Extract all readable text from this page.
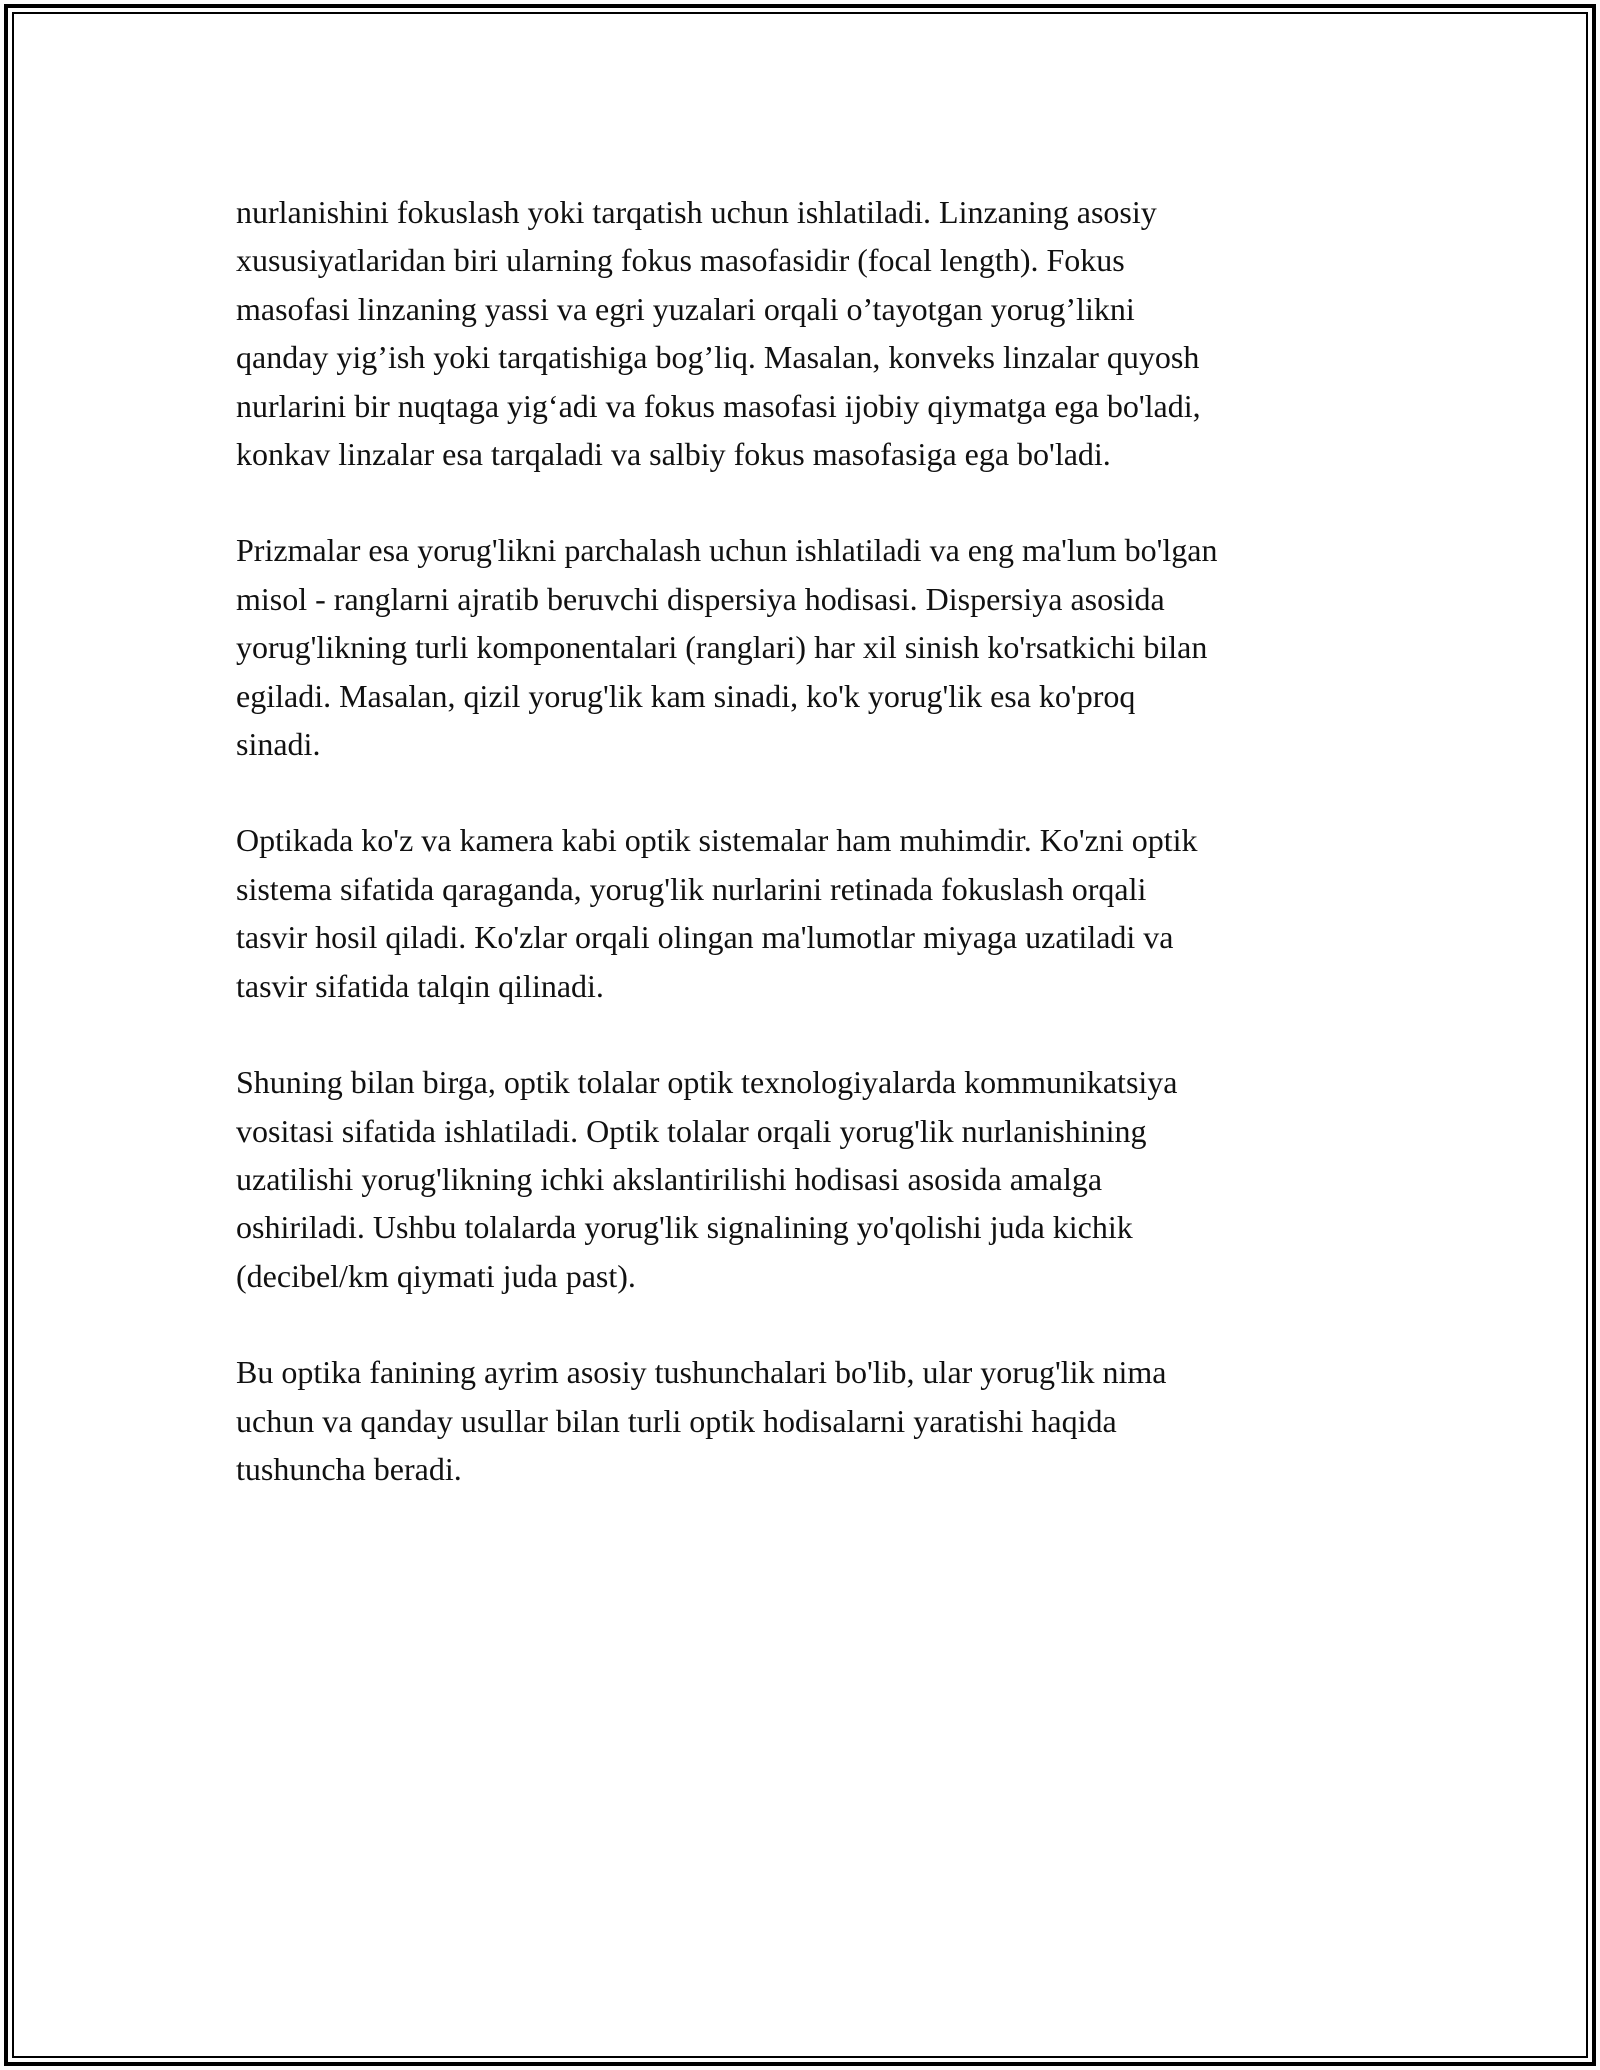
nurlanishini fokuslash yoki tarqatish uchun ishlatiladi. Linzaning asosiy
xususiyatlaridan biri ularning fokus masofasidir (focal length). Fokus
masofasi linzaning yassi va egri yuzalari orqali o’tayotgan yorug’likni
qanday yig’ish yoki tarqatishiga bog’liq. Masalan, konveks linzalar quyosh
nurlarini bir nuqtaga yig‘adi va fokus masofasi ijobiy qiymatga ega bo'ladi,
konkav linzalar esa tarqaladi va salbiy fokus masofasiga ega bo'ladi.

Prizmalar esa yorug'likni parchalash uchun ishlatiladi va eng ma'lum bo'lgan
misol - ranglarni ajratib beruvchi dispersiya hodisasi. Dispersiya asosida
yorug'likning turli komponentalari (ranglari) har xil sinish ko'rsatkichi bilan
egiladi. Masalan, qizil yorug'lik kam sinadi, ko'k yorug'lik esa ko'proq
sinadi.

Optikada ko'z va kamera kabi optik sistemalar ham muhimdir. Ko'zni optik
sistema sifatida qaraganda, yorug'lik nurlarini retinada fokuslash orqali
tasvir hosil qiladi. Ko'zlar orqali olingan ma'lumotlar miyaga uzatiladi va
tasvir sifatida talqin qilinadi.

Shuning bilan birga, optik tolalar optik texnologiyalarda kommunikatsiya
vositasi sifatida ishlatiladi. Optik tolalar orqali yorug'lik nurlanishining
uzatilishi yorug'likning ichki akslantirilishi hodisasi asosida amalga
oshiriladi. Ushbu tolalarda yorug'lik signalining yo'qolishi juda kichik
(decibel/km qiymati juda past).

Bu optika fanining ayrim asosiy tushunchalari bo'lib, ular yorug'lik nima
uchun va qanday usullar bilan turli optik hodisalarni yaratishi haqida
tushuncha beradi.
